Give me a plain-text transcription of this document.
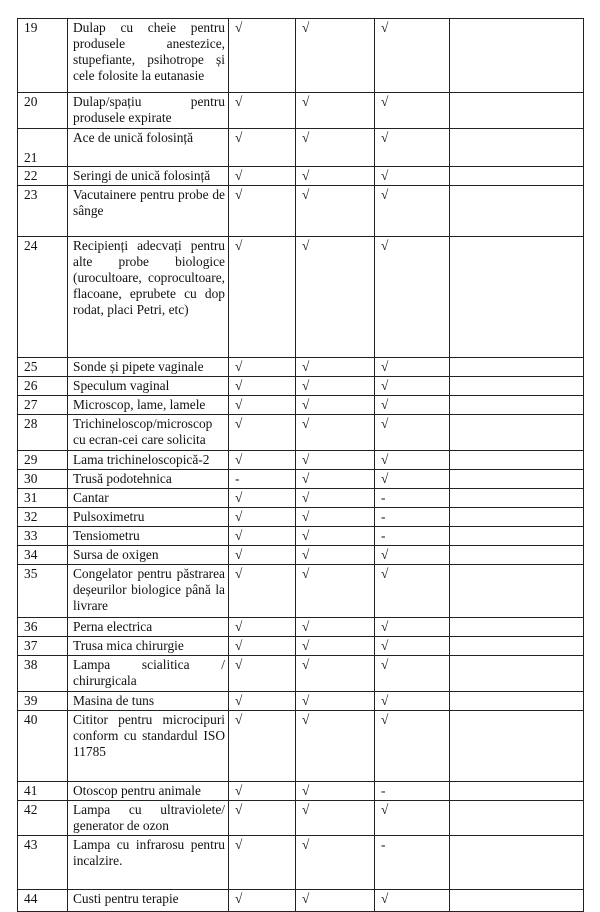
19	Dulap cu cheie pentru produsele anestezice, stupefiante, psihotrope și cele folosite la eutanasie	√	√	√	
20	Dulap/spațiu pentru produsele expirate	√	√	√	
21	Ace de unică folosință	√	√	√	
22	Seringi de unică folosință	√	√	√	
23	Vacutainere pentru probe de sânge	√	√	√	
24	Recipienți adecvați pentru alte probe biologice (urocultoare, coprocultoare, flacoane, eprubete cu dop rodat, placi Petri, etc)	√	√	√	
25	Sonde și pipete vaginale	√	√	√	
26	Speculum vaginal	√	√	√	
27	Microscop, lame, lamele	√	√	√	
28	Trichineloscop/microscop cu ecran-cei care solicita	√	√	√	
29	Lama trichineloscopică-2	√	√	√	
30	Trusă podotehnica	-	√	√	
31	Cantar	√	√	-	
32	Pulsoximetru	√	√	-	
33	Tensiometru	√	√	-	
34	Sursa de oxigen	√	√	√	
35	Congelator pentru păstrarea deșeurilor biologice până la livrare	√	√	√	
36	Perna electrica	√	√	√	
37	Trusa mica chirurgie	√	√	√	
38	Lampa scialitica / chirurgicala	√	√	√	
39	Masina de tuns	√	√	√	
40	Cititor pentru microcipuri conform cu standardul ISO 11785	√	√	√	
41	Otoscop pentru animale	√	√	-	
42	Lampa cu ultraviolete/ generator de ozon	√	√	√	
43	Lampa cu infrarosu pentru incalzire.	√	√	-	
44	Custi pentru terapie	√	√	√	
